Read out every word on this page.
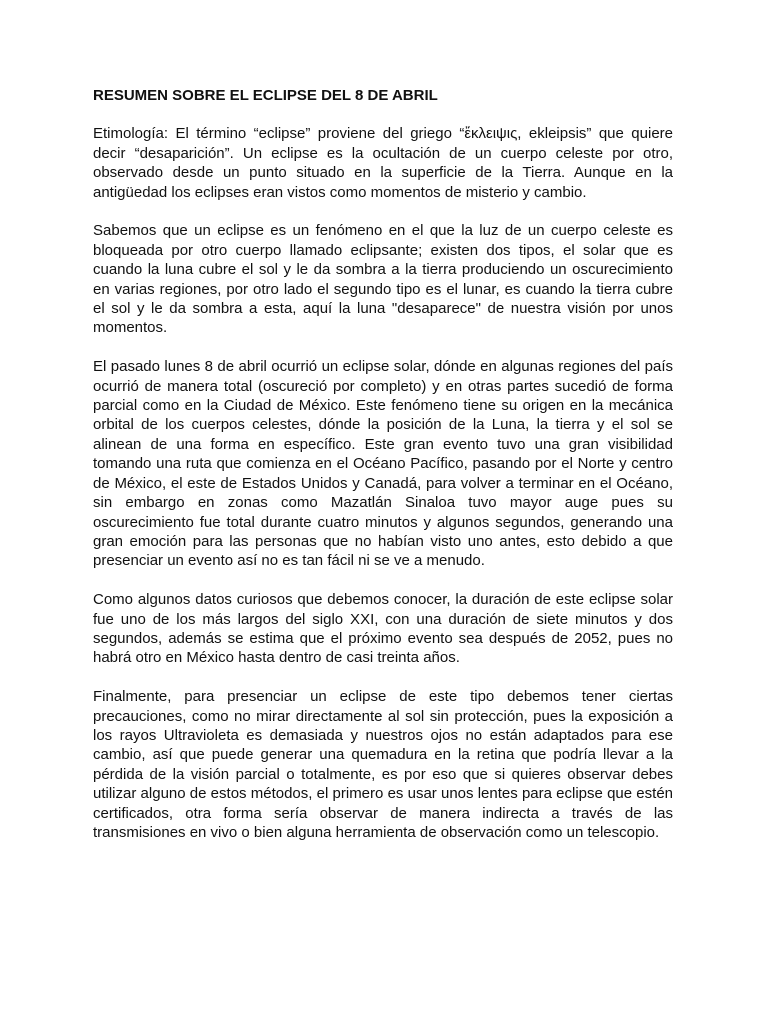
RESUMEN SOBRE EL ECLIPSE DEL 8 DE ABRIL

Etimología: El término “eclipse” proviene del griego “ἔκλειψις, ekleipsis” que quiere decir “desaparición”. Un eclipse es la ocultación de un cuerpo celeste por otro, observado desde un punto situado en la superficie de la Tierra. Aunque en la antigüedad los eclipses eran vistos como momentos de misterio y cambio.

Sabemos que un eclipse es un fenómeno en el que la luz de un cuerpo celeste es bloqueada por otro cuerpo llamado eclipsante; existen dos tipos, el solar que es cuando la luna cubre el sol y le da sombra a la tierra produciendo un oscurecimiento en varias regiones, por otro lado el segundo tipo es el lunar, es cuando la tierra cubre el sol y le da sombra a esta, aquí la luna "desaparece" de nuestra visión por unos momentos.

El pasado lunes 8 de abril ocurrió un eclipse solar, dónde en algunas regiones del país ocurrió de manera total (oscureció por completo) y en otras partes sucedió de forma parcial como en la Ciudad de México. Este fenómeno tiene su origen en la mecánica orbital de los cuerpos celestes, dónde la posición de la Luna, la tierra y el sol se alinean de una forma en específico. Este gran evento tuvo una gran visibilidad tomando una ruta que comienza en el Océano Pacífico, pasando por el Norte y centro de México, el este de Estados Unidos y Canadá, para volver a terminar en el Océano, sin embargo en zonas como Mazatlán Sinaloa tuvo mayor auge pues su oscurecimiento fue total durante cuatro minutos y algunos segundos, generando una gran emoción para las personas que no habían visto uno antes, esto debido a que presenciar un evento así no es tan fácil ni se ve a menudo.

Como algunos datos curiosos que debemos conocer, la duración de este eclipse solar fue uno de los más largos del siglo XXI, con una duración de siete minutos y dos segundos, además se estima que el próximo evento sea después de 2052, pues no habrá otro en México hasta dentro de casi treinta años.

Finalmente, para presenciar un eclipse de este tipo debemos tener ciertas precauciones, como no mirar directamente al sol sin protección, pues la exposición a los rayos Ultravioleta es demasiada y nuestros ojos no están adaptados para ese cambio, así que puede generar una quemadura en la retina que podría llevar a la pérdida de la visión parcial o totalmente, es por eso que si quieres observar debes utilizar alguno de estos métodos, el primero es usar unos lentes para eclipse que estén certificados, otra forma sería observar de manera indirecta a través de las transmisiones en vivo o bien alguna herramienta de observación como un telescopio.
